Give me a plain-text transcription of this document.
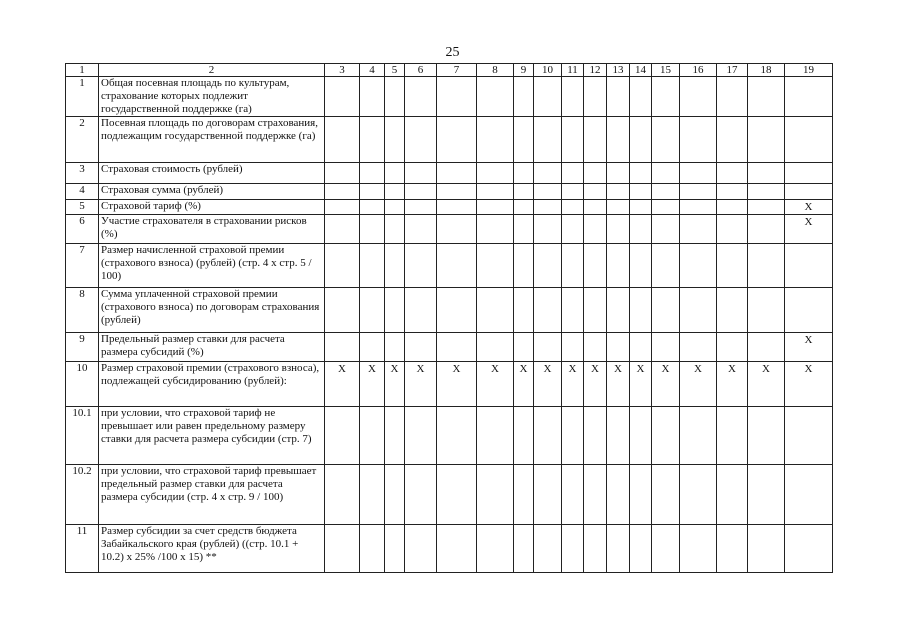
25
1	2	3	4	5	6	7	8	9	10	11	12	13	14	15	16	17	18	19
1	Общая посевная площадь по культурам, страхование которых подлежит государственной поддержке (га)																	
2	Посевная площадь по договорам страхования, подлежащим государственной поддержке (га)																	
3	Страховая стоимость (рублей)																	
4	Страховая сумма (рублей)																	
5	Страховой тариф (%)																	X
6	Участие страхователя в страховании рисков (%)																	X
7	Размер начисленной страховой премии (страхового взноса) (рублей) (стр. 4 x стр. 5 / 100)																	
8	Сумма уплаченной страховой премии (страхового взноса) по договорам страхования (рублей)																	
9	Предельный размер ставки для расчета размера субсидий (%)																	X
10	Размер страховой премии (страхового взноса), подлежащей субсидированию (рублей):	X	X	X	X	X	X	X	X	X	X	X	X	X	X	X	X	X
10.1	при условии, что страховой тариф не превышает или равен предельному размеру ставки для расчета размера субсидии (стр. 7)																	
10.2	при условии, что страховой тариф превышает предельный размер ставки для расчета размера субсидии (стр. 4 x стр. 9 / 100)																	
11	Размер субсидии за счет средств бюджета Забайкальского края (рублей) ((стр. 10.1 + 10.2) x 25% /100 x 15) **																	
